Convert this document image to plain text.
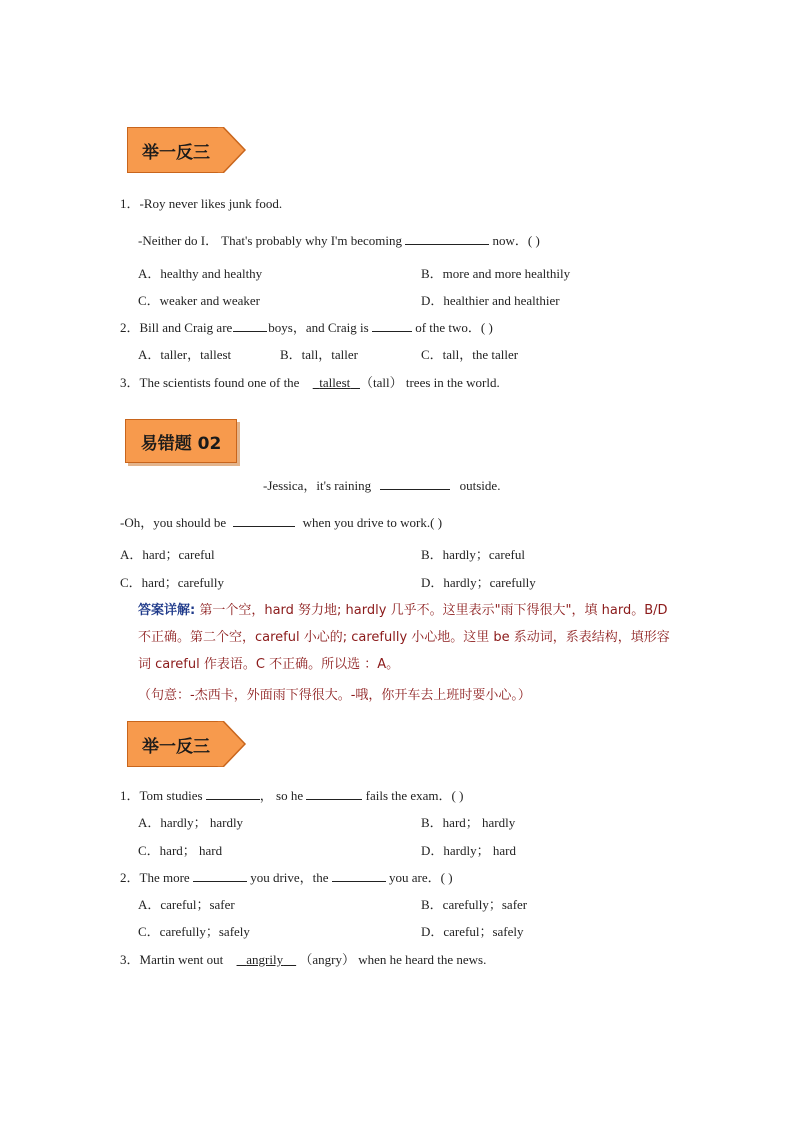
举一反三
1．-Roy never likes junk food.
-Neither do I． That's probably why I'm becoming	now．( )
A．healthy and healthy	B．more and more healthily
C．weaker and weaker	D．healthier and healthier
2．Bill and Craig are	boys，and Craig is	of the two．( )
A．taller，tallest	B．tall，taller	C．tall，the taller
3．The scientists found one of the tallest （tall） trees in the world.
易错题 02
-Jessica，it's raining	outside.
-Oh，you should be	when you drive to work.( )
A．hard；careful	B．hardly；careful
C．hard；carefully	D．hardly；carefully
答案详解: 第一个空，hard 努力地; hardly 几乎不。这里表示"雨下得很大"，填 hard。B/D
不正确。第二个空，careful 小心的; carefully 小心地。这里 be 系动词，系表结构，填形容
词 careful 作表语。C 不正确。所以选 ：A。
（句意：-杰西卡，外面雨下得很大。-哦，你开车去上班时要小心。）
举一反三
1．Tom studies	， so he	fails the exam．( )
A．hardly； hardly	B．hard； hardly
C．hard； hard	D．hardly； hard
2．The more	you drive，the	you are．( )
A．careful；safer	B．carefully；safer
C．carefully；safely	D．careful；safely
3．Martin went out angrily （angry） when he heard the news.
